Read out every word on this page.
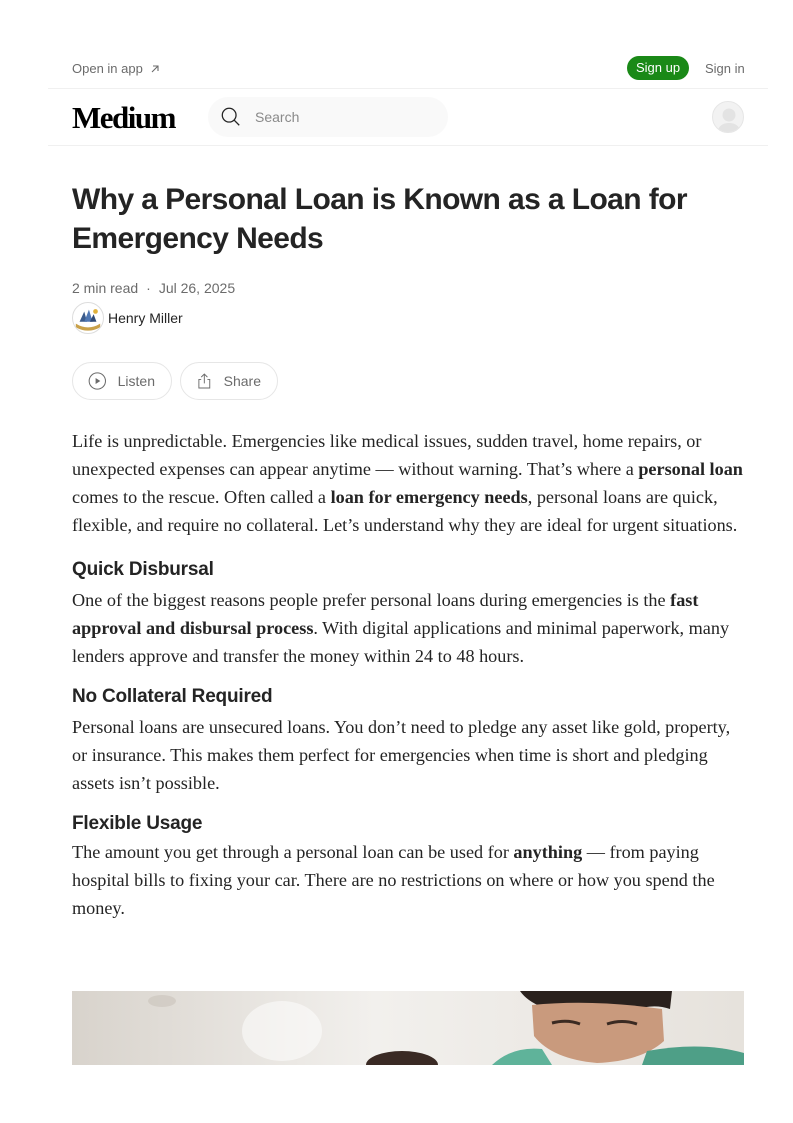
Open in app	Sign up	Sign in
Medium
Search
Why a Personal Loan is Known as a Loan for Emergency Needs
2 min read · Jul 26, 2025
Henry Miller
Listen	Share

Life is unpredictable. Emergencies like medical issues, sudden travel, home repairs, or unexpected expenses can appear anytime — without warning. That’s where a personal loan comes to the rescue. Often called a loan for emergency needs, personal loans are quick, flexible, and require no collateral. Let’s understand why they are ideal for urgent situations.

Quick Disbursal

One of the biggest reasons people prefer personal loans during emergencies is the fast approval and disbursal process. With digital applications and minimal paperwork, many lenders approve and transfer the money within 24 to 48 hours.

No Collateral Required

Personal loans are unsecured loans. You don’t need to pledge any asset like gold, property, or insurance. This makes them perfect for emergencies when time is short and pledging assets isn’t possible.

Flexible Usage

The amount you get through a personal loan can be used for anything — from paying hospital bills to fixing your car. There are no restrictions on where or how you spend the money.
